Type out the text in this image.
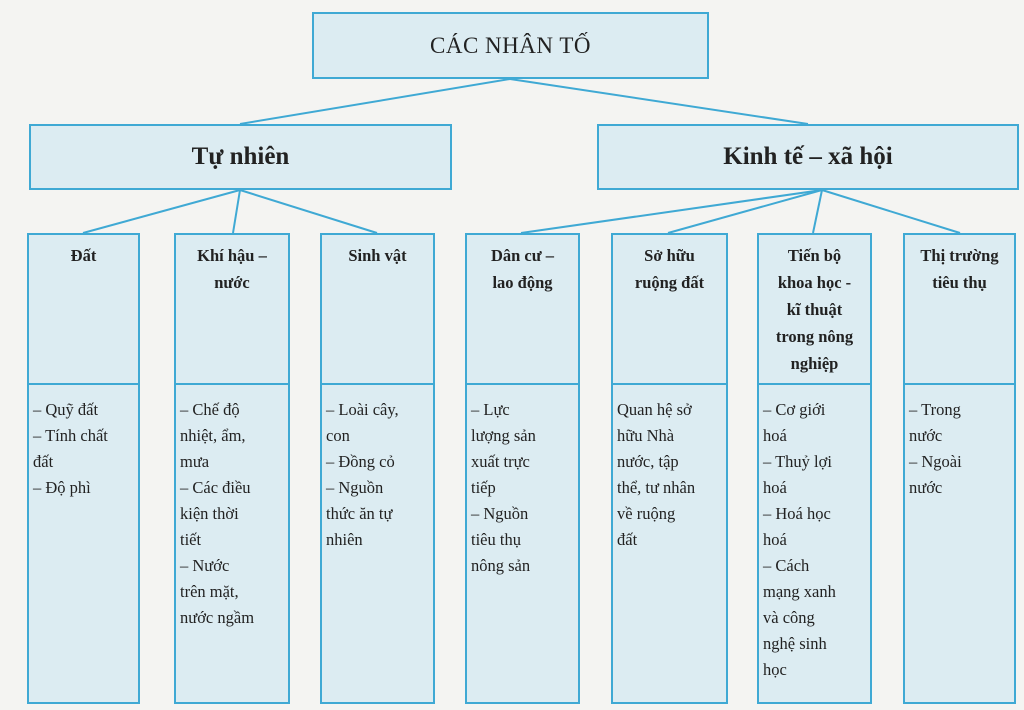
CÁC NHÂN TỐ
Tự nhiên	Kinh tế – xã hội
Đất
– Quỹ đất
– Tính chất
đất
– Độ phì
Khí hậu –
nước
– Chế độ
nhiệt, ẩm,
mưa
– Các điều
kiện thời
tiết
– Nước
trên mặt,
nước ngầm
Sinh vật
– Loài cây,
con
– Đồng cỏ
– Nguồn
thức ăn tự
nhiên
Dân cư –
lao động
– Lực
lượng sản
xuất trực
tiếp
– Nguồn
tiêu thụ
nông sản
Sở hữu
ruộng đất
Quan hệ sở
hữu Nhà
nước, tập
thể, tư nhân
về ruộng
đất
Tiến bộ
khoa học -
kĩ thuật
trong nông
nghiệp
– Cơ giới
hoá
– Thuỷ lợi
hoá
– Hoá học
hoá
– Cách
mạng xanh
và công
nghệ sinh
học
Thị trường
tiêu thụ
– Trong
nước
– Ngoài
nước
